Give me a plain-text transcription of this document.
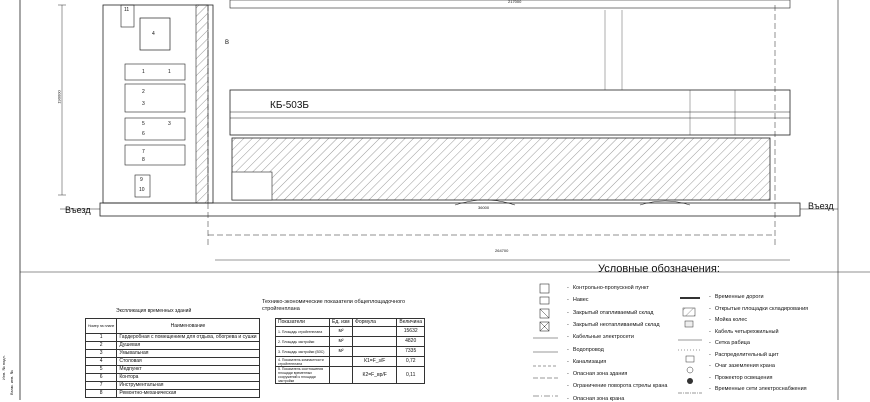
КБ-503Б
Въезд	Въезд
В
217000
264700
190000
36000
4
1	1
2
3
5
6
3
7
8
9
10
11
Условные обозначения:
- Контрольно-пропускной пункт
- Навес
- Закрытый отапливаемый склад
- Закрытый неотапливаемый склад
- Кабельные электросети
- Водопровод
- Канализация
- Опасная зона здания
- Ограничение поворота стрелы крана
- Опасная зона крана
- Временные дороги
- Открытые площадки складирования
- Мойка колес
- Кабель четырехжильный
- Сетка рабица
- Распределительный щит
- Очаг заземления крана
- Прожектор освещения
- Временные сети электроснабжения
Экспликация временных зданий
Номер на плане	Наименование
1	Гардеробная с помещением для отдыха, обогрева и сушки
2	Душевая
3	Умывальная
4	Столовая
5	Медпункт
6	Контора
7	Инструментальная
8	Ремонтно-механическая
Технико-экономические показатели общеплощадочного стройгенплана
Показатели	Ед. изм	Формула	Величина
1. Площадь стройгенплана	м²		15632
2. Площадь застройки	м²		4820
3. Площадь застройки (ВЗС)	м²		7335
4. Показатель компактности стройгенплана		К1=F_з/F	0,72
5. Показатель соотношения площади временных сооружений к площади застройки		К2=F_вр/F	0,11
Инв. № подл.
Взам. инв. №
